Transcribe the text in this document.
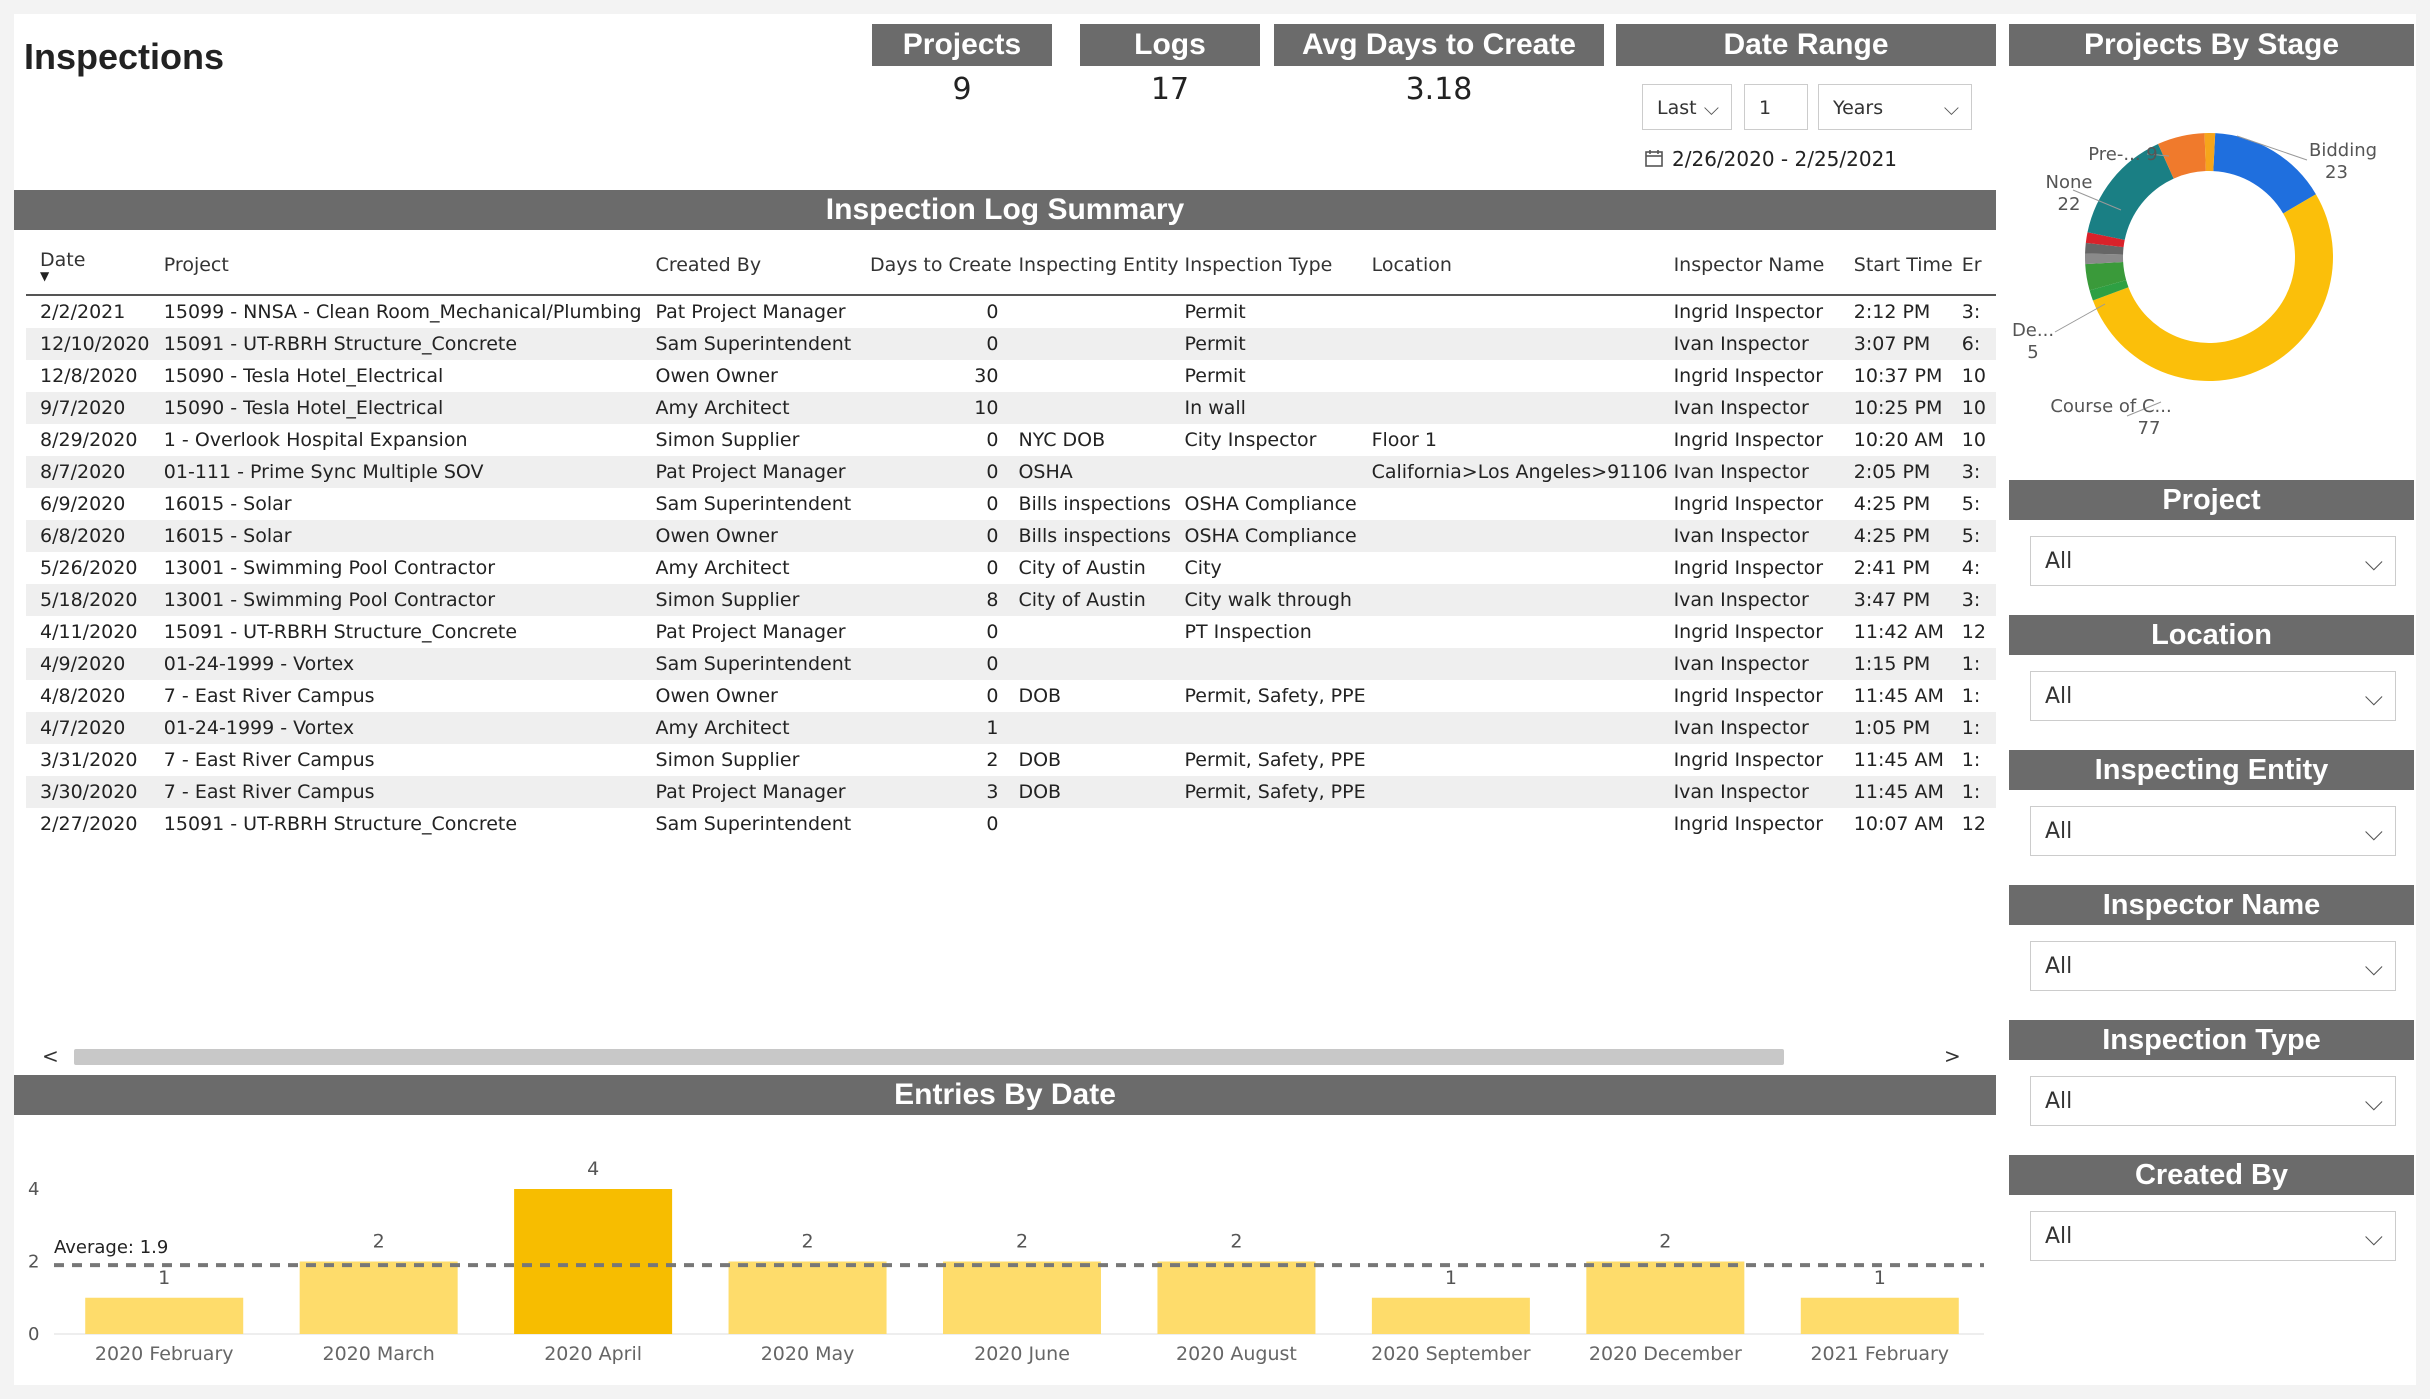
Inspections	Projects
9
Logs
17
Avg Days to Create
3.18
Date Range
Last ⌵	1	Years	⌵
2/26/2020 - 2/25/2021
Inspection Log Summary
Date
▼	Project	Created By	Days to Create	Inspecting Entity	Inspection Type	Location	Inspector Name	Start Time	Er
2/2/2021	15099 - NNSA - Clean Room_Mechanical/Plumbing	Pat Project Manager	0		Permit		Ingrid Inspector	2:12 PM	3:
12/10/2020	15091 - UT-RBRH Structure_Concrete	Sam Superintendent	0		Permit		Ivan Inspector	3:07 PM	6:
12/8/2020	15090 - Tesla Hotel_Electrical	Owen Owner	30		Permit		Ingrid Inspector	10:37 PM	10
9/7/2020	15090 - Tesla Hotel_Electrical	Amy Architect	10		In wall		Ivan Inspector	10:25 PM	10
8/29/2020	1 - Overlook Hospital Expansion	Simon Supplier	0	NYC DOB	City Inspector	Floor 1	Ingrid Inspector	10:20 AM	10
8/7/2020	01-111 - Prime Sync Multiple SOV	Pat Project Manager	0	OSHA		California>Los Angeles>91106	Ivan Inspector	2:05 PM	3:
6/9/2020	16015 - Solar	Sam Superintendent	0	Bills inspections	OSHA Compliance		Ingrid Inspector	4:25 PM	5:
6/8/2020	16015 - Solar	Owen Owner	0	Bills inspections	OSHA Compliance		Ivan Inspector	4:25 PM	5:
5/26/2020	13001 - Swimming Pool Contractor	Amy Architect	0	City of Austin	City		Ingrid Inspector	2:41 PM	4:
5/18/2020	13001 - Swimming Pool Contractor	Simon Supplier	8	City of Austin	City walk through		Ivan Inspector	3:47 PM	3:
4/11/2020	15091 - UT-RBRH Structure_Concrete	Pat Project Manager	0		PT Inspection		Ingrid Inspector	11:42 AM	12
4/9/2020	01-24-1999 - Vortex	Sam Superintendent	0				Ivan Inspector	1:15 PM	1:
4/8/2020	7 - East River Campus	Owen Owner	0	DOB	Permit, Safety, PPE		Ingrid Inspector	11:45 AM	1:
4/7/2020	01-24-1999 - Vortex	Amy Architect	1				Ivan Inspector	1:05 PM	1:
3/31/2020	7 - East River Campus	Simon Supplier	2	DOB	Permit, Safety, PPE		Ingrid Inspector	11:45 AM	1:
3/30/2020	7 - East River Campus	Pat Project Manager	3	DOB	Permit, Safety, PPE		Ivan Inspector	11:45 AM	1:
2/27/2020	15091 - UT-RBRH Structure_Concrete	Sam Superintendent	0				Ingrid Inspector	10:07 AM	12
<	>
Entries By Date
0
2
4
1
2020 February
2
2020 March
4
2020 April
2
2020 May
2
2020 June
2
2020 August
1
2020 September
2
2020 December
1
2021 February
Average: 1.9
Projects By Stage
Bidding
23
Pre-... 9
None
22
De...
5
Course of C...
77
Project
All	⌵
Location
All	⌵
Inspecting Entity
All	⌵
Inspector Name
All	⌵
Inspection Type
All	⌵
Created By
All	⌵
